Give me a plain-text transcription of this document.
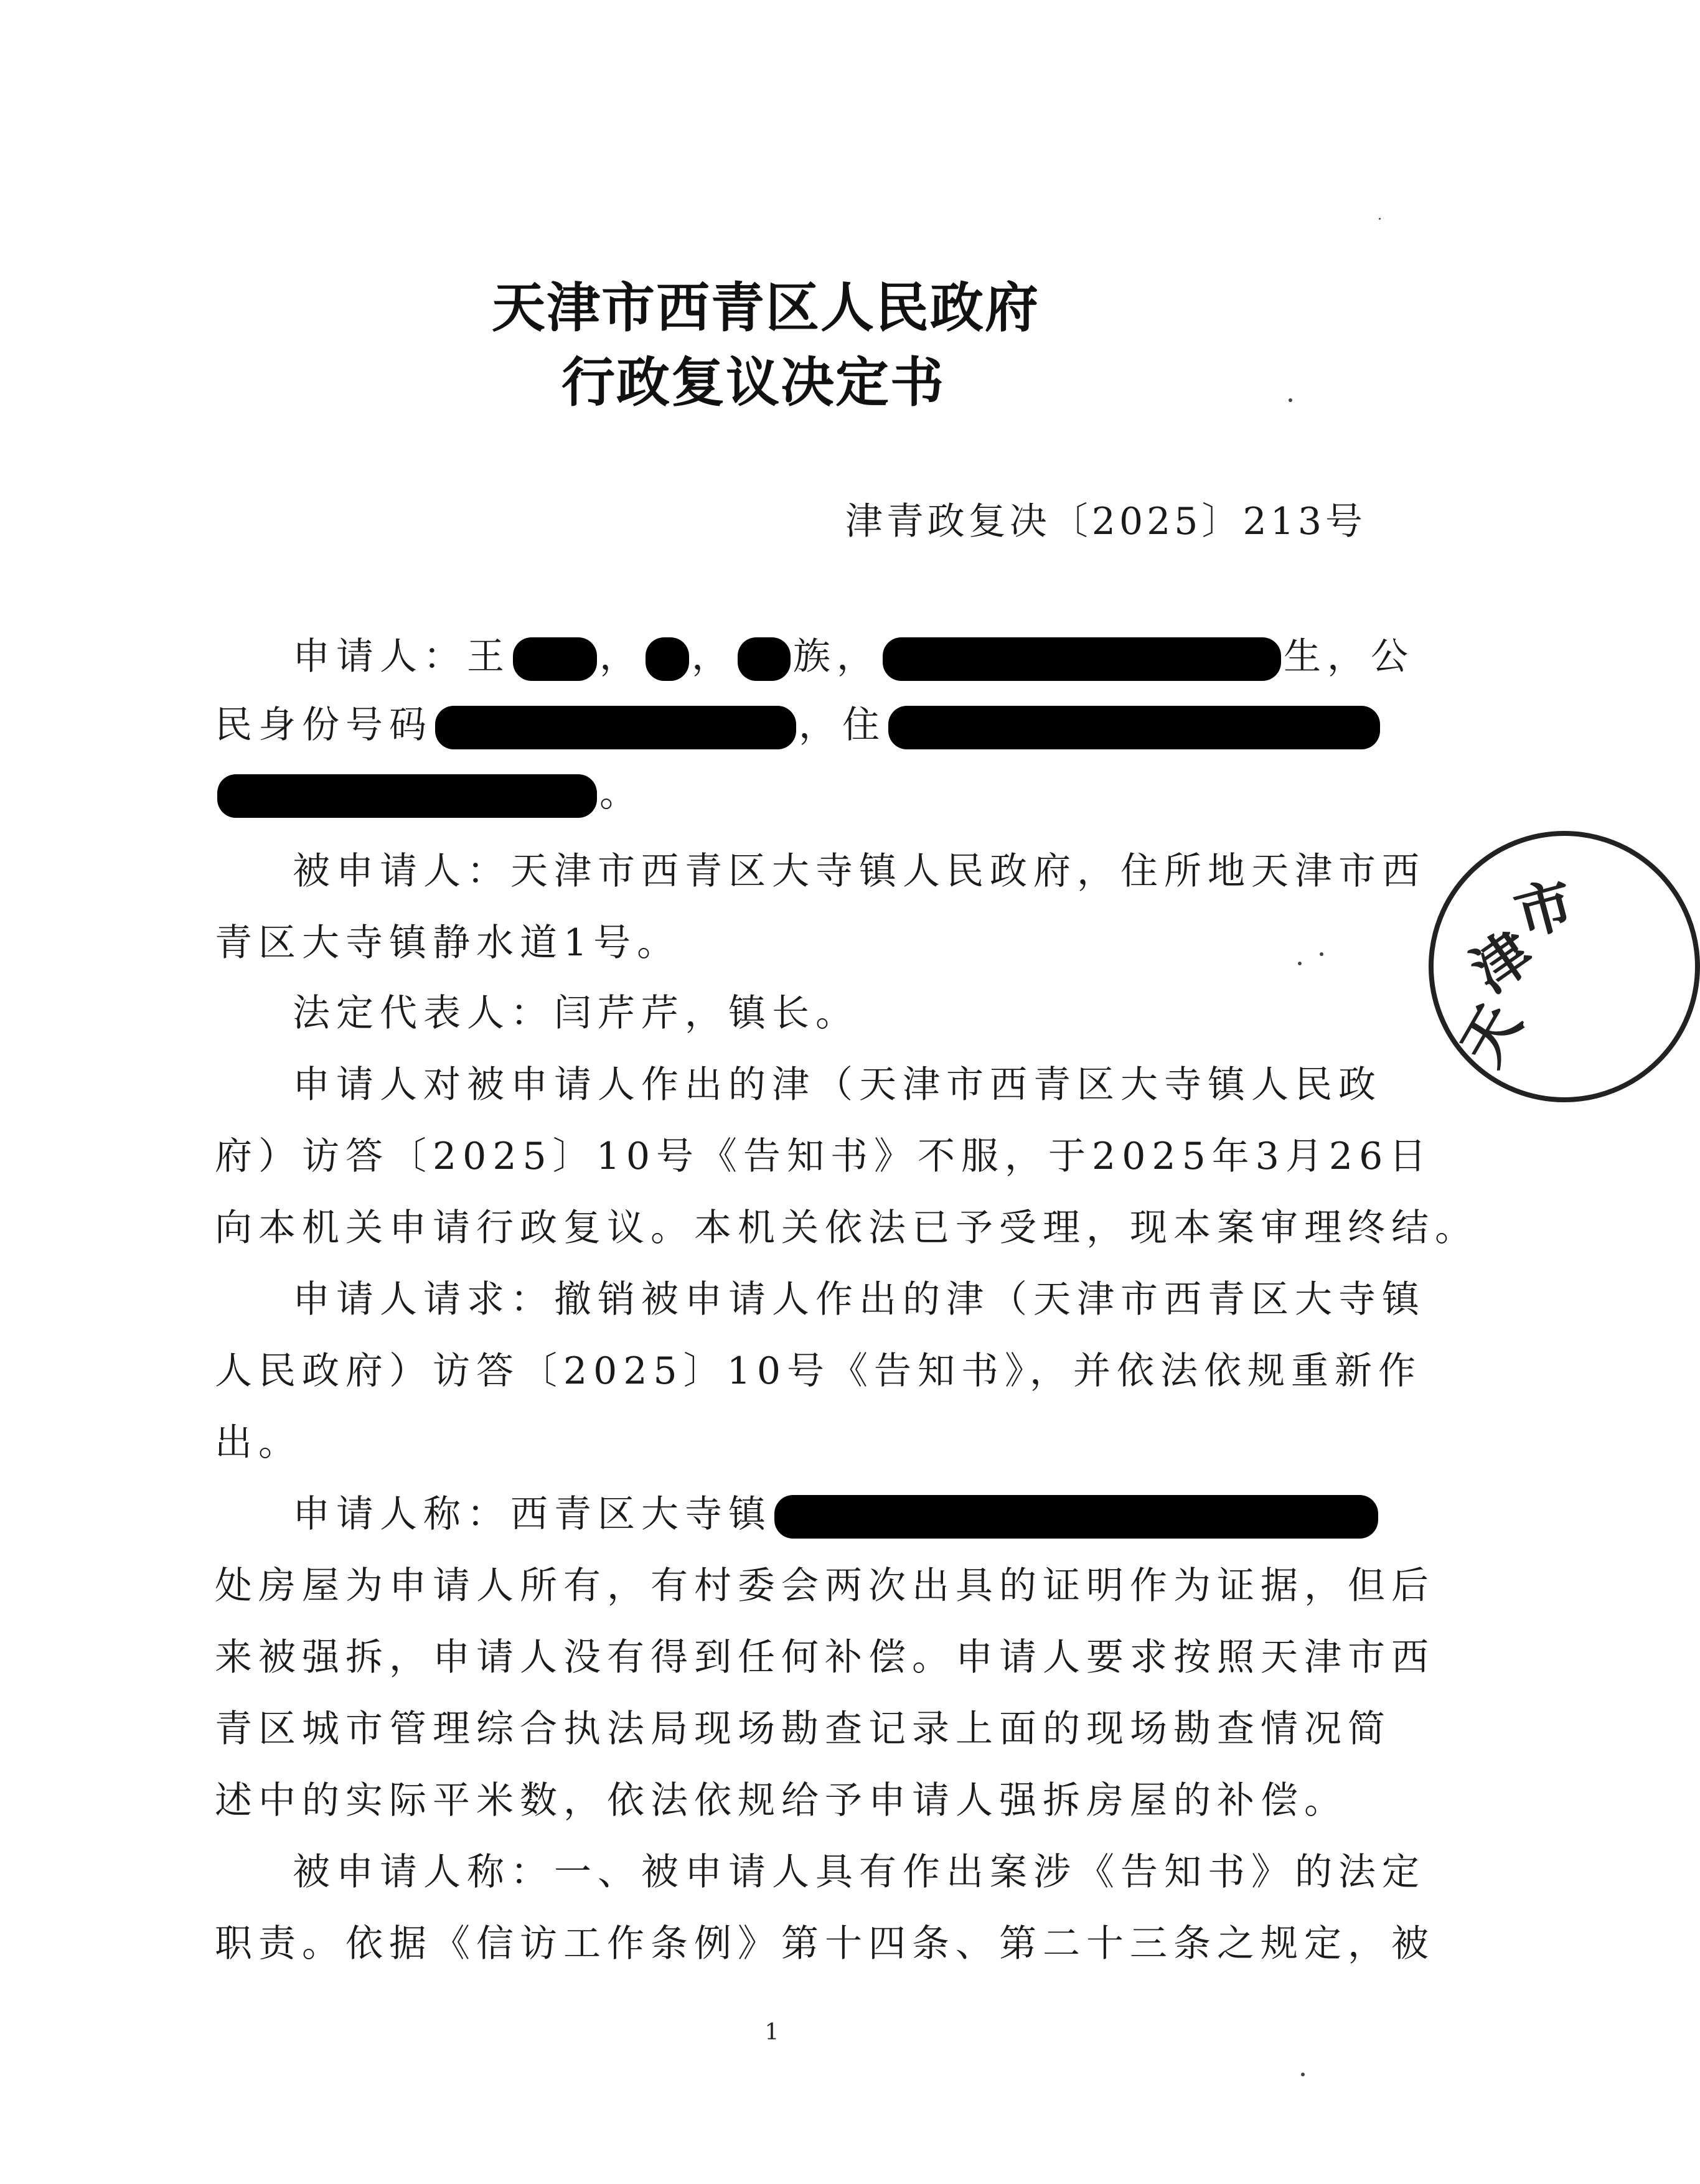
天津市西青区人民政府
行政复议决定书
津青政复决〔2025〕213号
申请人：王 ， ， 族，	生，公
民身份号码	，住
。
被申请人：天津市西青区大寺镇人民政府，住所地天津市西
青区大寺镇静水道1号。
法定代表人：闫芹芹，镇长。
申请人对被申请人作出的津（天津市西青区大寺镇人民政
府）访答〔2025〕10号《告知书》不服，于2025年3月26日
向本机关申请行政复议。本机关依法已予受理，现本案审理终结。
申请人请求：撤销被申请人作出的津（天津市西青区大寺镇
人民政府）访答〔2025〕10号《告知书》，并依法依规重新作
出。
申请人称：西青区大寺镇
处房屋为申请人所有，有村委会两次出具的证明作为证据，但后
来被强拆，申请人没有得到任何补偿。申请人要求按照天津市西
青区城市管理综合执法局现场勘查记录上面的现场勘查情况简
述中的实际平米数，依法依规给予申请人强拆房屋的补偿。
被申请人称：一、被申请人具有作出案涉《告知书》的法定
职责。依据《信访工作条例》第十四条、第二十三条之规定，被
1
天
津
市
